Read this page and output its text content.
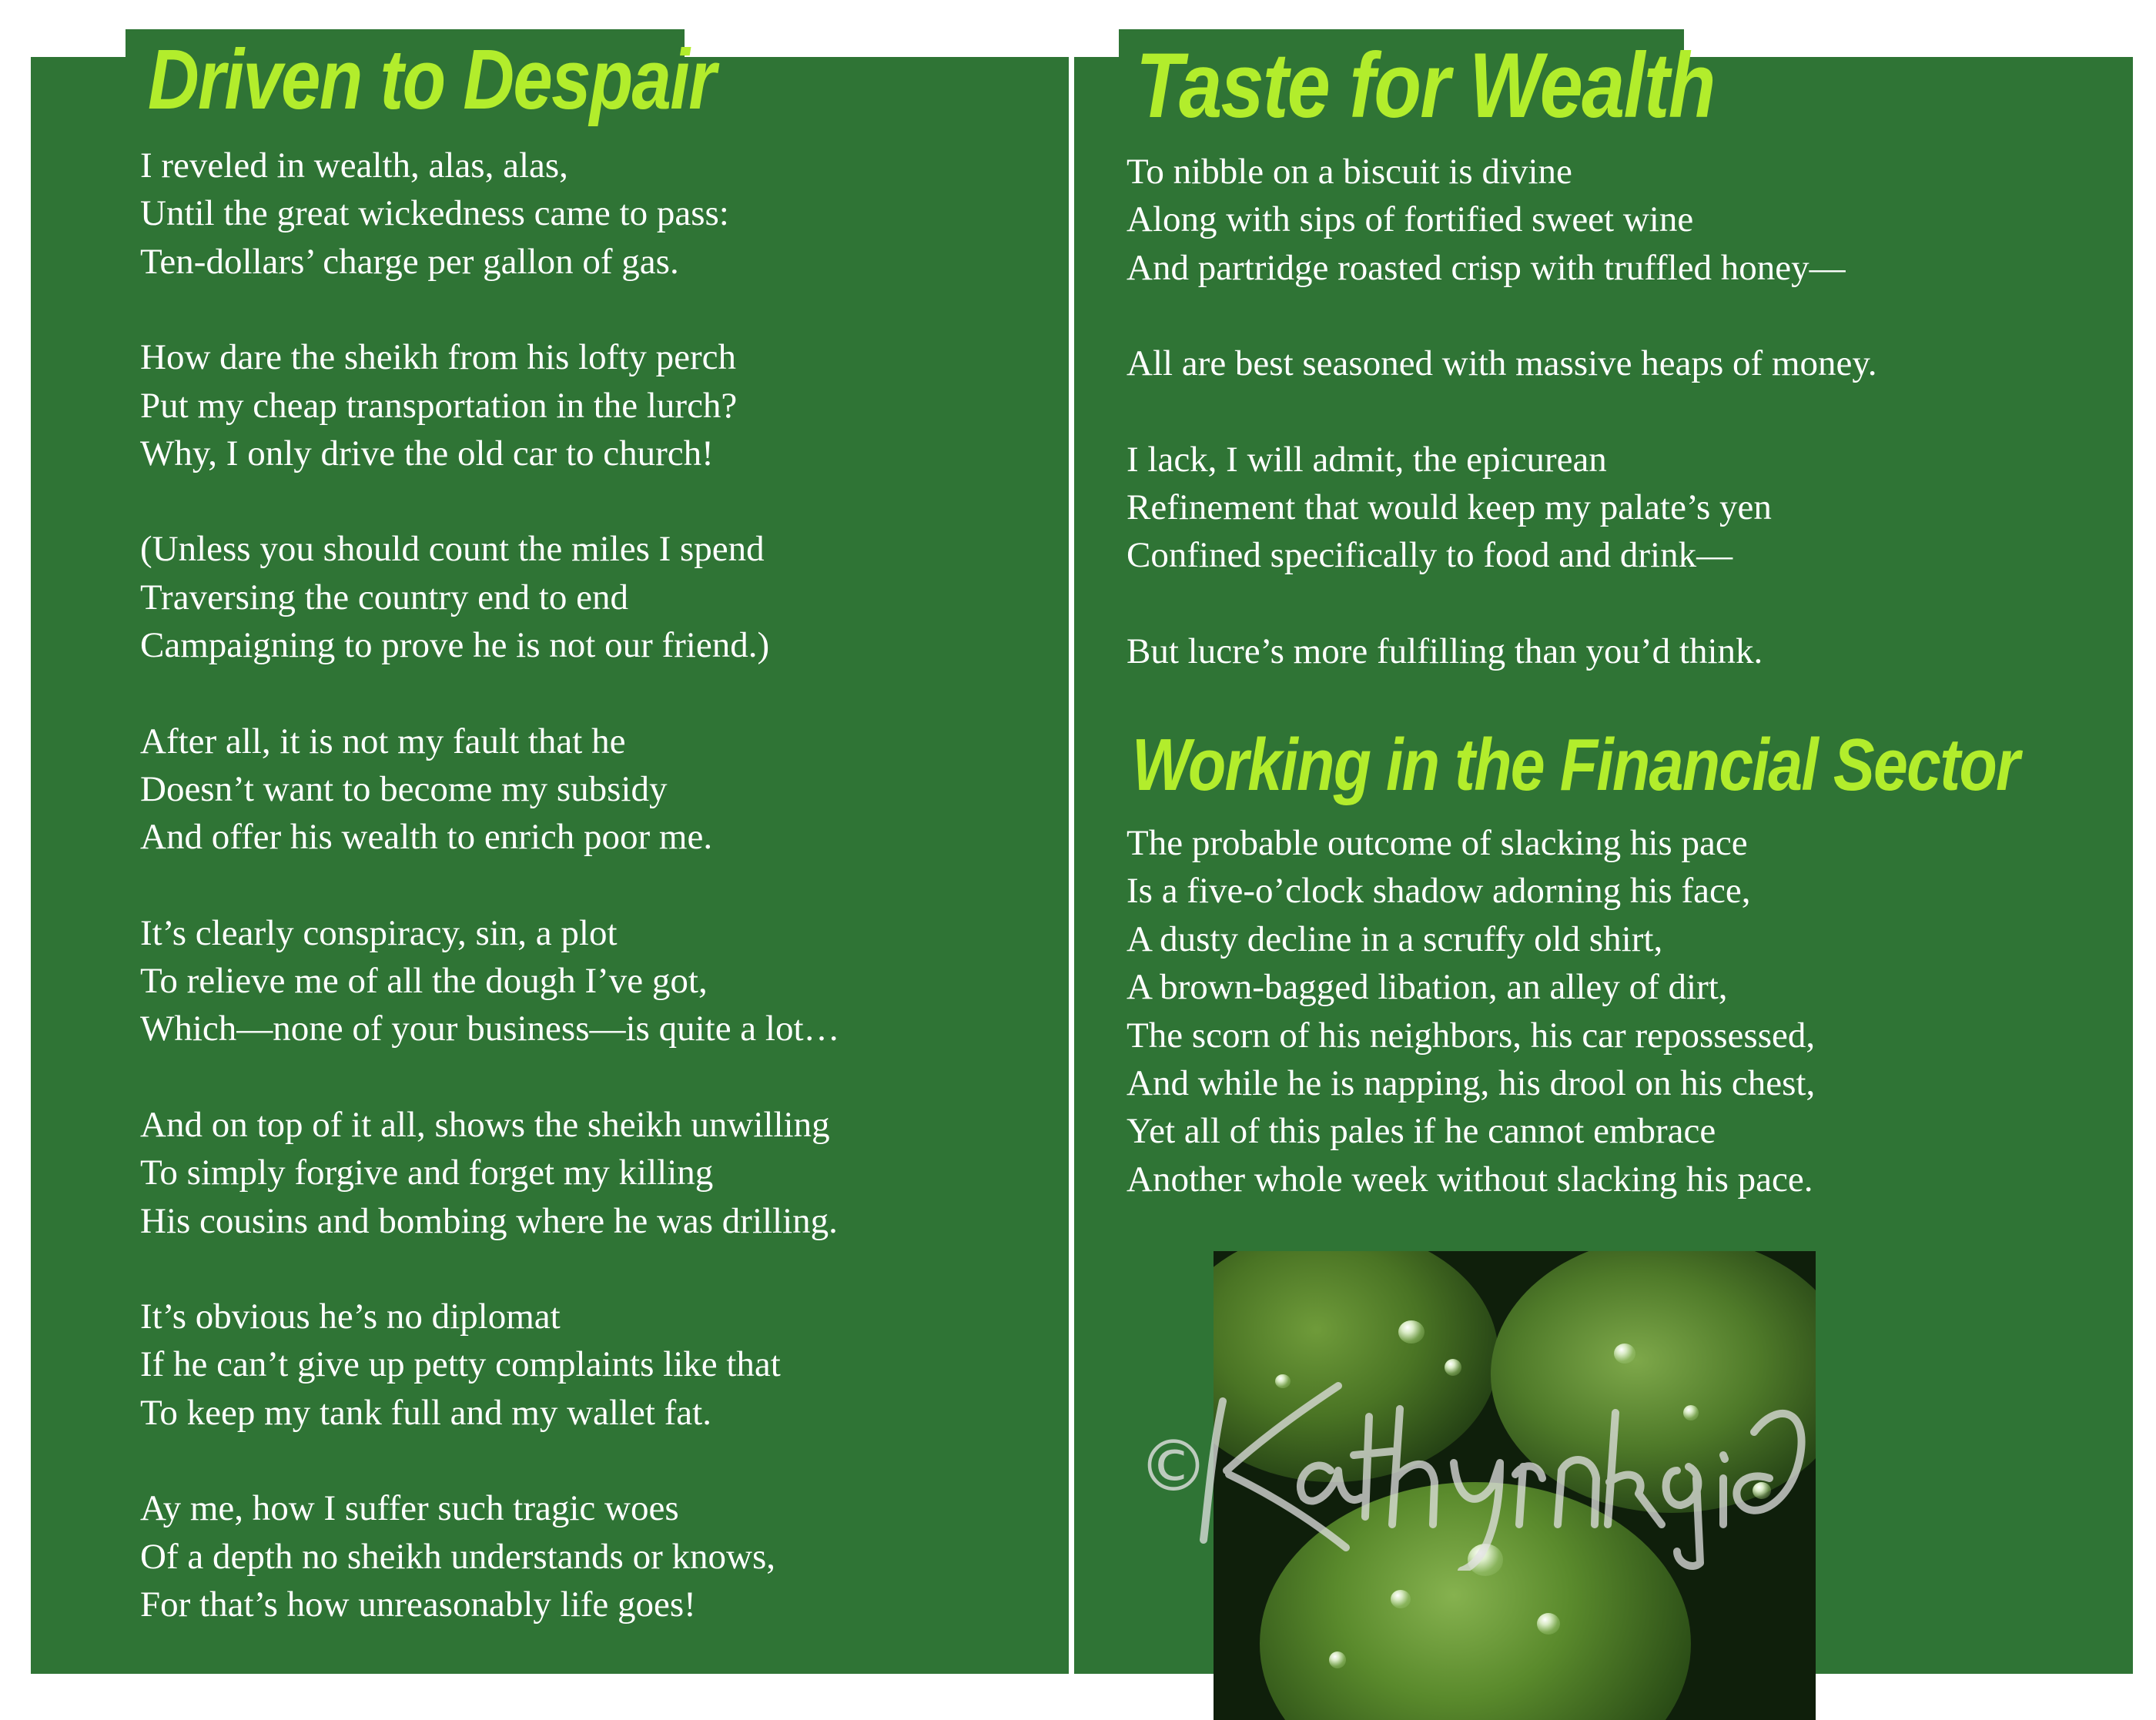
Driven to Despair
I reveled in wealth, alas, alas,
Until the great wickedness came to pass:
Ten-dollars’ charge per gallon of gas.
How dare the sheikh from his lofty perch
Put my cheap transportation in the lurch?
Why, I only drive the old car to church!
(Unless you should count the miles I spend
Traversing the country end to end
Campaigning to prove he is not our friend.)
After all, it is not my fault that he
Doesn’t want to become my subsidy
And offer his wealth to enrich poor me.
It’s clearly conspiracy, sin, a plot
To relieve me of all the dough I’ve got,
Which—none of your business—is quite a lot…
And on top of it all, shows the sheikh unwilling
To simply forgive and forget my killing
His cousins and bombing where he was drilling.
It’s obvious he’s no diplomat
If he can’t give up petty complaints like that
To keep my tank full and my wallet fat.
Ay me, how I suffer such tragic woes
Of a depth no sheikh understands or knows,
For that’s how unreasonably life goes!
Taste for Wealth
To nibble on a biscuit is divine
Along with sips of fortified sweet wine
And partridge roasted crisp with truffled honey—
All are best seasoned with massive heaps of money.
I lack, I will admit, the epicurean
Refinement that would keep my palate’s yen
Confined specifically to food and drink—
But lucre’s more fulfilling than you’d think.
Working in the Financial Sector
The probable outcome of slacking his pace
Is a five-o’clock shadow adorning his face,
A dusty decline in a scruffy old shirt,
A brown-bagged libation, an alley of dirt,
The scorn of his neighbors, his car repossessed,
And while he is napping, his drool on his chest,
Yet all of this pales if he cannot embrace
Another whole week without slacking his pace.
©
